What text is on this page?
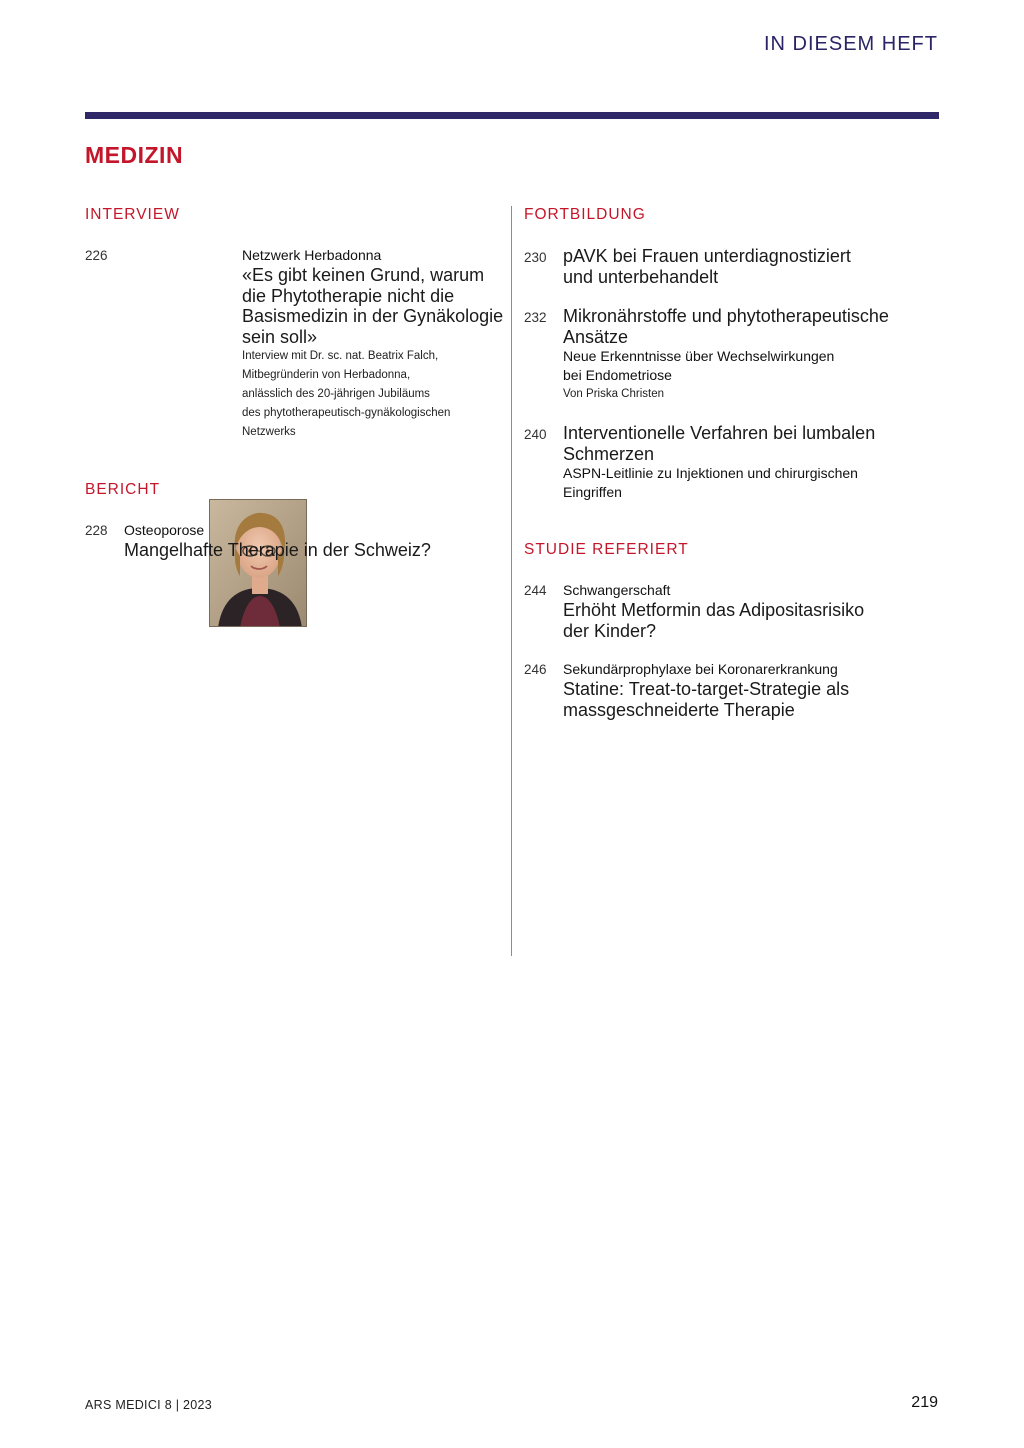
IN DIESEM HEFT
MEDIZIN
INTERVIEW
226	Netzwerk Herbadonna
«Es gibt keinen Grund, warum
die Phytotherapie nicht die
Basismedizin in der Gynäkologie
sein soll»
Interview mit Dr. sc. nat. Beatrix Falch,
Mitbegründerin von Herbadonna,
anlässlich des 20-jährigen Jubiläums
des phytotherapeutisch-gynäkologischen
Netzwerks
BERICHT
228 Osteoporose
Mangelhafte Therapie in der Schweiz?
FORTBILDUNG
230 pAVK bei Frauen unterdiagnostiziert
und unterbehandelt
232 Mikronährstoffe und phytotherapeutische
Ansätze
Neue Erkenntnisse über Wechselwirkungen
bei Endometriose
Von Priska Christen
240 Interventionelle Verfahren bei lumbalen
Schmerzen
ASPN-Leitlinie zu Injektionen und chirurgischen
Eingriffen
STUDIE REFERIERT
244 Schwangerschaft
Erhöht Metformin das Adipositasrisiko
der Kinder?
246 Sekundärprophylaxe bei Koronarerkrankung
Statine: Treat-to-target-Strategie als
massgeschneiderte Therapie
ARS MEDICI 8 | 2023	219
